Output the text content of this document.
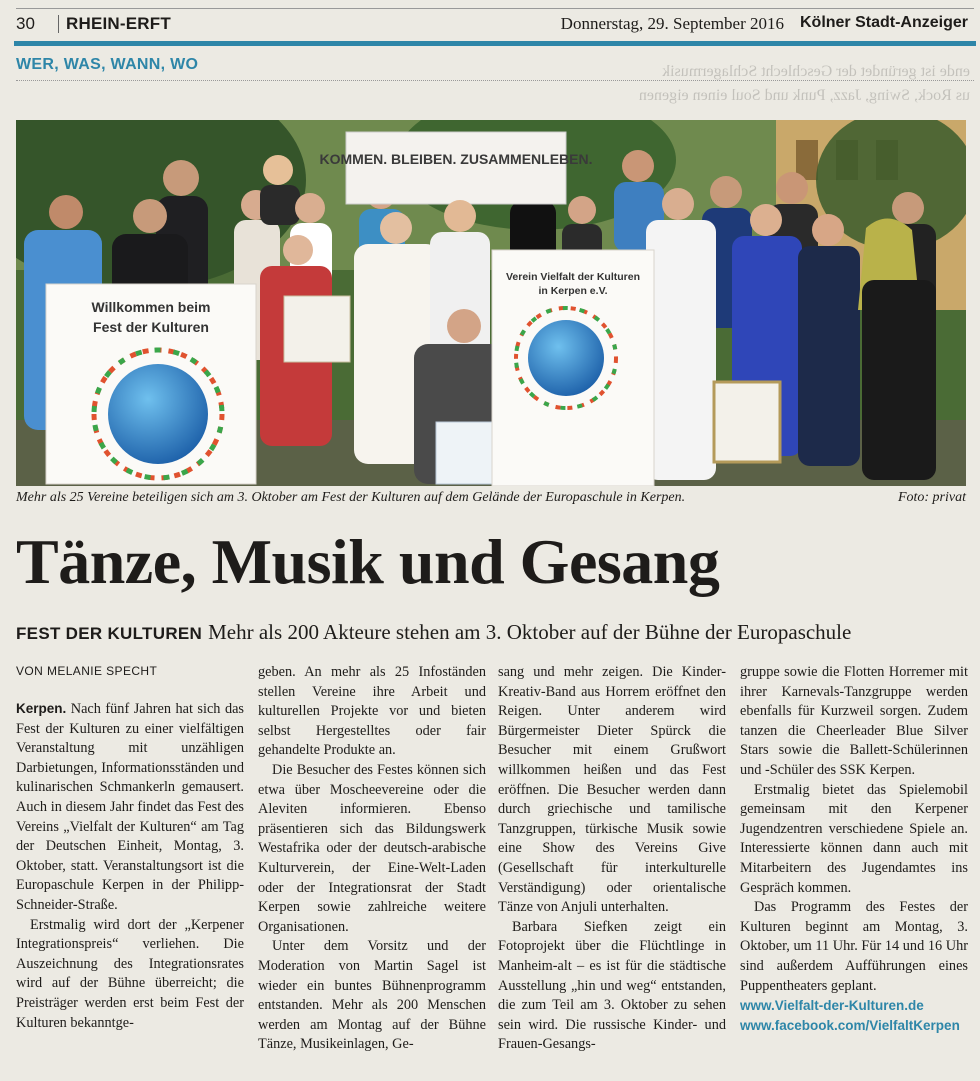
30 RHEIN-ERFT	Donnerstag, 29. September 2016 Kölner Stadt-Anzeiger
ende ist geründet der Geschlecht Schlagermusik
us Rock, Swing, Jazz, Punk und Soul einen eigenen
WER, WAS, WANN, WO
KOMMEN. BLEIBEN. ZUSAMMENLEBEN.
Willkommen beim
Fest der Kulturen
Verein Vielfalt der Kulturen
in Kerpen e.V.
Mehr als 25 Vereine beteiligen sich am 3. Oktober am Fest der Kulturen auf dem Gelände der Europaschule in Kerpen.	Foto: privat
Tänze, Musik und Gesang
FEST DER KULTUREN Mehr als 200 Akteure stehen am 3. Oktober auf der Bühne der Europaschule
VON MELANIE SPECHT

Kerpen. Nach fünf Jahren hat sich das Fest der Kulturen zu einer vielfältigen Veranstaltung mit unzähligen Darbietungen, Informationsständen und kulinarischen Schmankerln gemausert. Auch in diesem Jahr findet das Fest des Vereins „Vielfalt der Kulturen“ am Tag der Deutschen Einheit, Montag, 3. Oktober, statt. Veranstaltungsort ist die Europaschule Kerpen in der Philipp-Schneider-Straße.

Erstmalig wird dort der „Kerpener Integrationspreis“ verliehen. Die Auszeichnung des Integrationsrates wird auf der Bühne überreicht; die Preisträger werden erst beim Fest der Kulturen bekanntge-

geben. An mehr als 25 Infoständen stellen Vereine ihre Arbeit und kulturellen Projekte vor und bieten selbst Hergestelltes oder fair gehandelte Produkte an.

Die Besucher des Festes können sich etwa über Moscheevereine oder die Aleviten informieren. Ebenso präsentieren sich das Bildungswerk Westafrika oder der deutsch-arabische Kulturverein, der Eine-Welt-Laden oder der Integrationsrat der Stadt Kerpen sowie zahlreiche weitere Organisationen.

Unter dem Vorsitz und der Moderation von Martin Sagel ist wieder ein buntes Bühnenprogramm entstanden. Mehr als 200 Menschen werden am Montag auf der Bühne Tänze, Musikeinlagen, Ge-

sang und mehr zeigen. Die Kinder-Kreativ-Band aus Horrem eröffnet den Reigen. Unter anderem wird Bürgermeister Dieter Spürck die Besucher mit einem Grußwort willkommen heißen und das Fest eröffnen. Die Besucher werden dann durch griechische und tamilische Tanzgruppen, türkische Musik sowie eine Show des Vereins Give (Gesellschaft für interkulturelle Verständigung) oder orientalische Tänze von Anjuli unterhalten.

Barbara Siefken zeigt ein Fotoprojekt über die Flüchtlinge in Manheim-alt – es ist für die städtische Ausstellung „hin und weg“ entstanden, die zum Teil am 3. Oktober zu sehen sein wird. Die russische Kinder- und Frauen-Gesangs-

gruppe sowie die Flotten Horremer mit ihrer Karnevals-Tanzgruppe werden ebenfalls für Kurzweil sorgen. Zudem tanzen die Cheerleader Blue Silver Stars sowie die Ballett-Schülerinnen und -Schüler des SSK Kerpen.

Erstmalig bietet das Spielemobil gemeinsam mit den Kerpener Jugendzentren verschiedene Spiele an. Interessierte können dann auch mit Mitarbeitern des Jugendamtes ins Gespräch kommen.

Das Programm des Festes der Kulturen beginnt am Montag, 3. Oktober, um 11 Uhr. Für 14 und 16 Uhr sind außerdem Aufführungen eines Puppentheaters geplant.

www.Vielfalt-der-Kulturen.de

www.facebook.com/VielfaltKerpen
